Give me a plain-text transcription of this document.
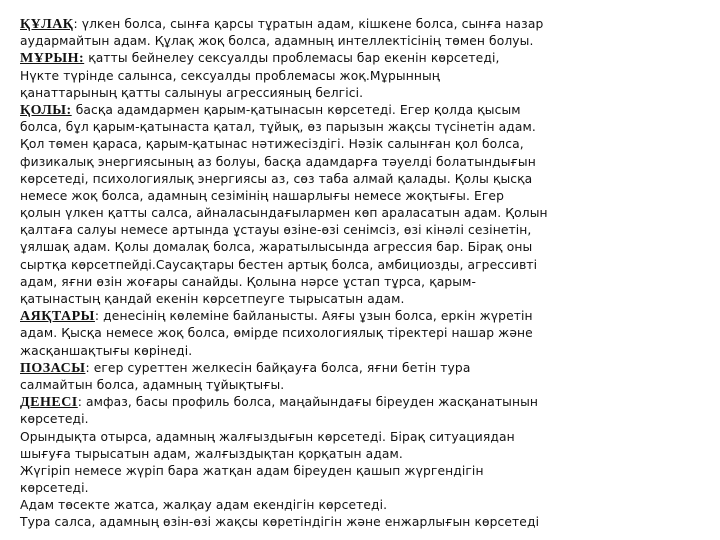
ҚҰЛАҚ: үлкен болса, сынға қарсы тұратын адам, кішкене болса, сынға назар
аудармайтын адам. Құлақ жоқ болса, адамның интеллектісінің төмен болуы.
МҰРЫН: қатты бейнелеу сексуалды проблемасы бар екенін көрсетеді,
Нүкте түрінде салынса, сексуалды проблемасы жоқ.Мұрынның
қанаттарының қатты салынуы агрессияның белгісі.
ҚОЛЫ: басқа адамдармен қарым-қатынасын көрсетеді. Егер қолда қысым
болса, бұл қарым-қатынаста қатал, тұйық, өз парызын жақсы түсінетін адам.
Қол төмен қараса, қарым-қатынас нәтижесіздігі. Нәзік салынған қол болса,
физикалық энергиясының аз болуы, басқа адамдарға тәуелді болатындығын
көрсетеді, психологиялық энергиясы аз, сөз таба алмай қалады. Қолы қысқа
немесе жоқ болса, адамның сезімінің нашарлығы немесе жоқтығы. Егер
қолын үлкен қатты салса, айналасындағылармен көп араласатын адам. Қолын
қалтаға салуы немесе артында ұстауы өзіне-өзі сенімсіз, өзі кінәлі сезінетін,
ұялшақ адам. Қолы домалақ болса, жаратылысында агрессия бар. Бірақ оны
сыртқа көрсетпейді.Саусақтары бестен артық болса, амбициозды, агрессивті
адам, яғни өзін жоғары санайды. Қолына нәрсе ұстап тұрса, қарым-
қатынастың қандай екенін көрсетпеуге тырысатын адам.
АЯҚТАРЫ: денесінің көлеміне байланысты. Аяғы ұзын болса, еркін жүретін
адам. Қысқа немесе жоқ болса, өмірде психологиялық тіректері нашар және
жасқаншақтығы көрінеді.
ПОЗАСЫ: егер суреттен желкесін байқауға болса, яғни бетін тура
салмайтын болса, адамның тұйықтығы.
ДЕНЕСІ: амфаз, басы профиль болса, маңайындағы біреуден жасқанатынын
көрсетеді.
Орындықта отырса, адамның жалғыздығын көрсетеді. Бірақ ситуациядан
шығуға тырысатын адам, жалғыздықтан қорқатын адам.
Жүгіріп немесе жүріп бара жатқан адам біреуден қашып жүргендігін
көрсетеді.
Адам төсекте жатса, жалқау адам екендігін көрсетеді.
Тура салса, адамның өзін-өзі жақсы көретіндігін және енжарлығын көрсетеді
